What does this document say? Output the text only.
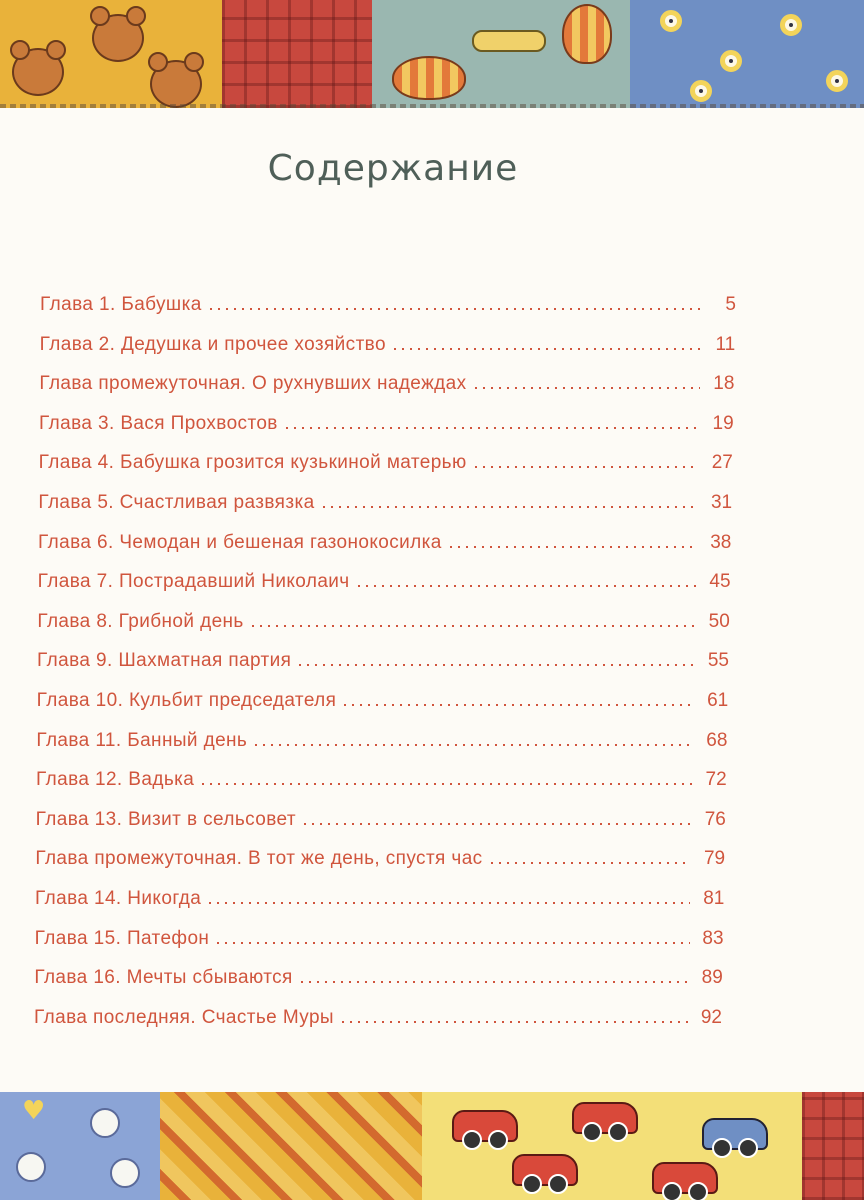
Содержание
Глава 1. Бабушка	5
Глава 2. Дедушка и прочее хозяйство	11
Глава промежуточная. О рухнувших надеждах	18
Глава 3. Вася Прохвостов	19
Глава 4. Бабушка грозится кузькиной матерью	27
Глава 5. Счастливая развязка	31
Глава 6. Чемодан и бешеная газонокосилка	38
Глава 7. Пострадавший Николаич	45
Глава 8. Грибной день	50
Глава 9. Шахматная партия	55
Глава 10. Кульбит председателя	61
Глава 11. Банный день	68
Глава 12. Вадька	72
Глава 13. Визит в сельсовет	76
Глава промежуточная. В тот же день, спустя час	79
Глава 14. Никогда	81
Глава 15. Патефон	83
Глава 16. Мечты сбываются	89
Глава последняя. Счастье Муры	92
♥
